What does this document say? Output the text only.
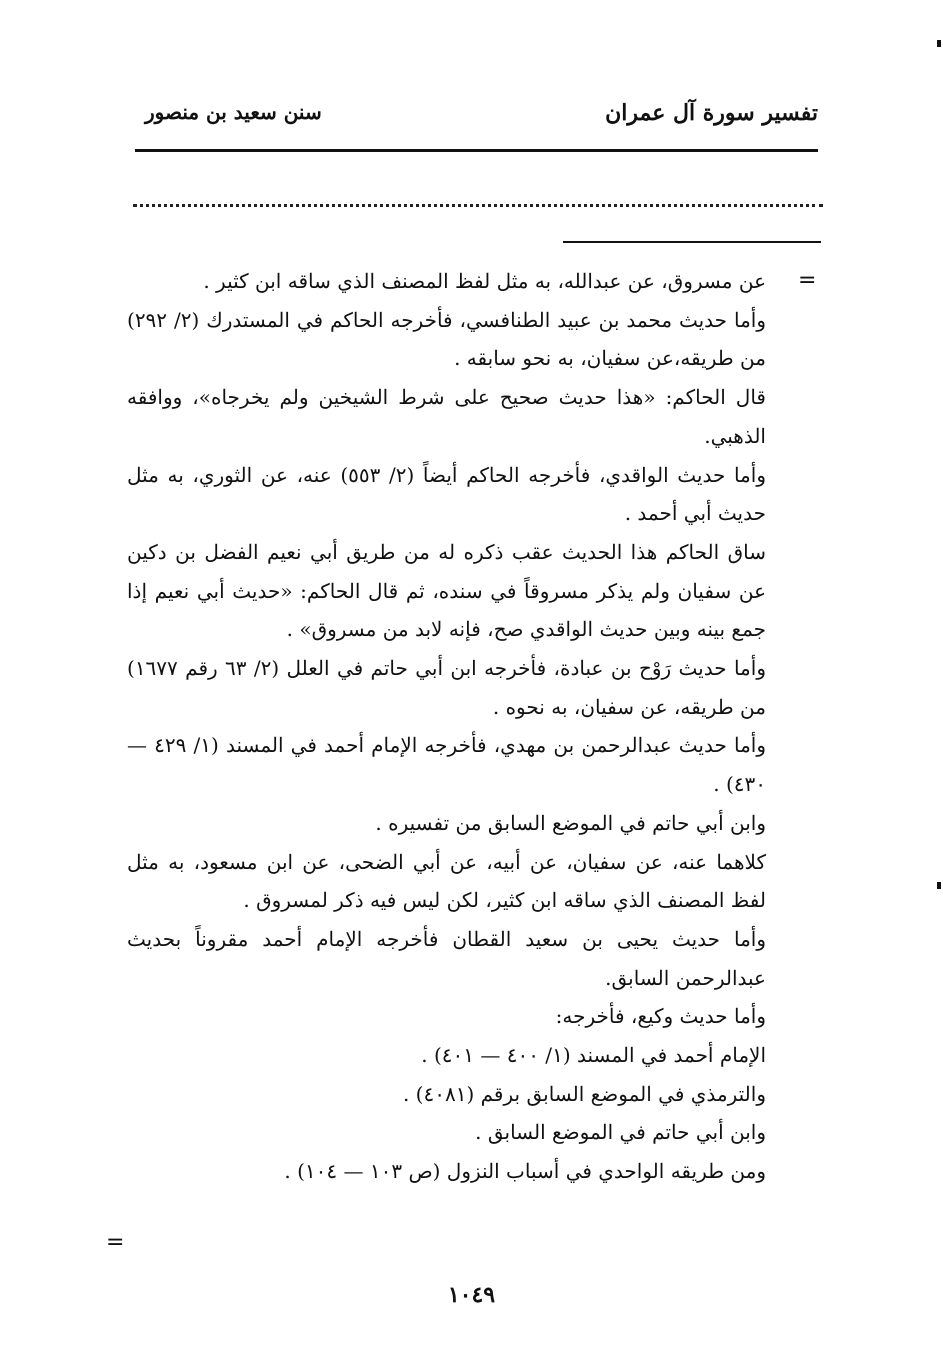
تفسير سورة آل عمران
سنن سعيد بن منصور
=
=

عن مسروق، عن عبدالله، به مثل لفظ المصنف الذي ساقه ابن كثير .

وأما حديث محمد بن عبيد الطنافسي، فأخرجه الحاكم في المستدرك (٢/ ٢٩٢) من طريقه،عن سفيان، به نحو سابقه .

قال الحاكم: «هذا حديث صحيح على شرط الشيخين ولم يخرجاه»، ووافقه الذهبي.

وأما حديث الواقدي، فأخرجه الحاكم أيضاً (٢/ ٥٥٣) عنه، عن الثوري، به مثل حديث أبي أحمد .

ساق الحاكم هذا الحديث عقب ذكره له من طريق أبي نعيم الفضل بن دكين عن سفيان ولم يذكر مسروقاً في سنده، ثم قال الحاكم: «حديث أبي نعيم إذا جمع بينه وبين حديث الواقدي صح، فإنه لابد من مسروق» .

وأما حديث رَوْح بن عبادة، فأخرجه ابن أبي حاتم في العلل (٢/ ٦٣ رقم ١٦٧٧) من طريقه، عن سفيان، به نحوه .

وأما حديث عبدالرحمن بن مهدي، فأخرجه الإمام أحمد في المسند (١/ ٤٢٩ — ٤٣٠) .

وابن أبي حاتم في الموضع السابق من تفسيره .

كلاهما عنه، عن سفيان، عن أبيه، عن أبي الضحى، عن ابن مسعود، به مثل لفظ المصنف الذي ساقه ابن كثير، لكن ليس فيه ذكر لمسروق .

وأما حديث يحيى بن سعيد القطان فأخرجه الإمام أحمد مقروناً بحديث عبدالرحمن السابق.

وأما حديث وكيع، فأخرجه:

الإمام أحمد في المسند (١/ ٤٠٠ — ٤٠١) .

والترمذي في الموضع السابق برقم (٤٠٨١) .

وابن أبي حاتم في الموضع السابق .

ومن طريقه الواحدي في أسباب النزول (ص ١٠٣ — ١٠٤) .

١٠٤٩
